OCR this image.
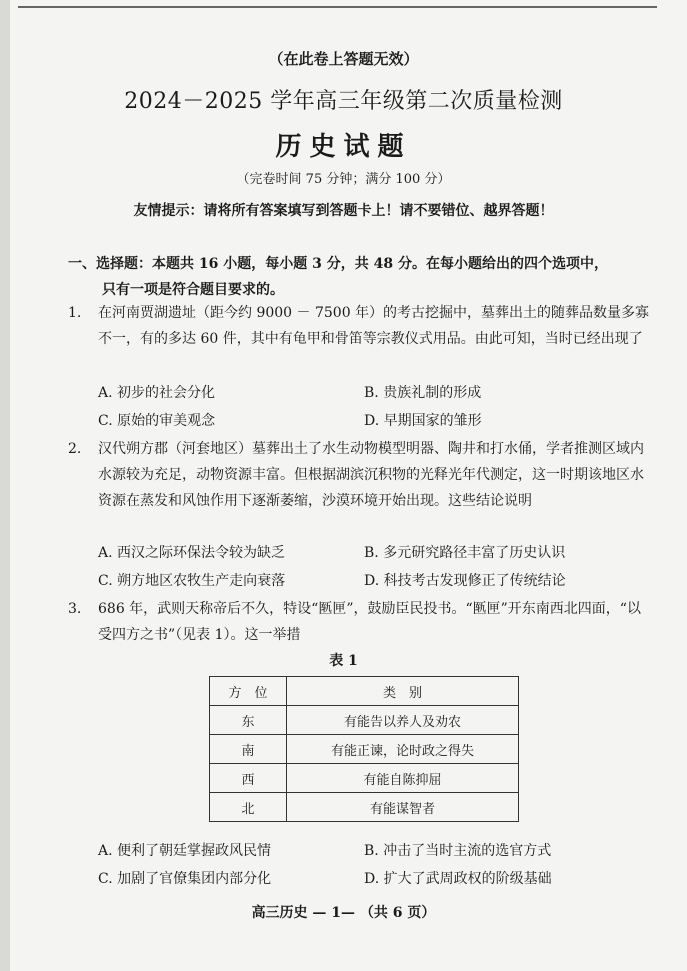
（在此卷上答题无效）
2024－2025 学年高三年级第二次质量检测
历史试题
（完卷时间 75 分钟；满分 100 分）
友情提示：请将所有答案填写到答题卡上！请不要错位、越界答题！
一、选择题：本题共 16 小题，每小题 3 分，共 48 分。在每小题给出的四个选项中，
只有一项是符合题目要求的。
1.	在河南贾湖遗址（距今约 9000 － 7500 年）的考古挖掘中，墓葬出土的随葬品数量多寡不一，有的多达 60 件，其中有龟甲和骨笛等宗教仪式用品。由此可知，当时已经出现了
A. 初步的社会分化	B. 贵族礼制的形成
C. 原始的审美观念	D. 早期国家的雏形
2.	汉代朔方郡（河套地区）墓葬出土了水生动物模型明器、陶井和打水俑，学者推测区域内水源较为充足，动物资源丰富。但根据湖滨沉积物的光释光年代测定，这一时期该地区水资源在蒸发和风蚀作用下逐渐萎缩，沙漠环境开始出现。这些结论说明
A. 西汉之际环保法令较为缺乏	B. 多元研究路径丰富了历史认识
C. 朔方地区农牧生产走向衰落	D. 科技考古发现修正了传统结论
3.	686 年，武则天称帝后不久，特设“匦匣”，鼓励臣民投书。“匦匣”开东南西北四面，“以受四方之书”（见表 1）。这一举措
表 1
方　位	类　别
东	有能告以养人及劝农
南	有能正谏，论时政之得失
西	有能自陈抑屈
北	有能谋智者
A. 便利了朝廷掌握政风民情	B. 冲击了当时主流的选官方式
C. 加剧了官僚集团内部分化	D. 扩大了武周政权的阶级基础
高三历史 — 1— （共 6 页）
